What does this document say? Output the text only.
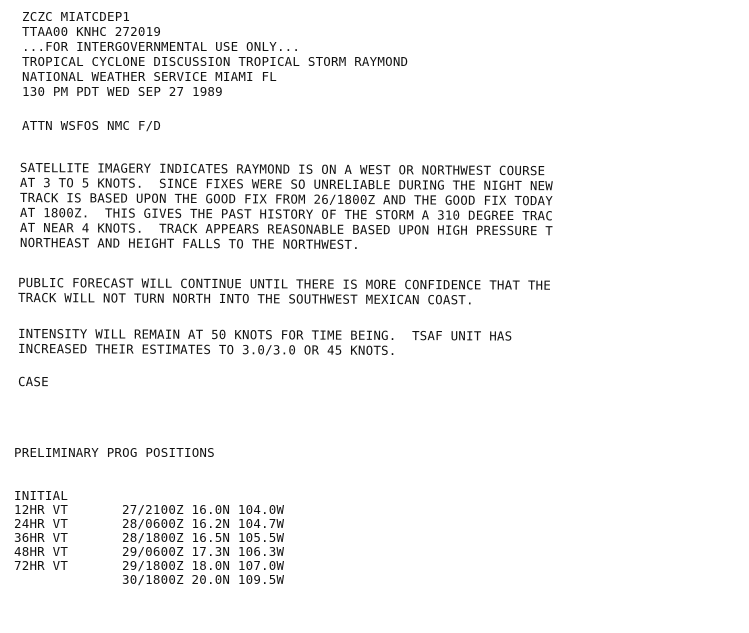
ZCZC MIATCDEP1
TTAA00 KNHC 272019
...FOR INTERGOVERNMENTAL USE ONLY...
TROPICAL CYCLONE DISCUSSION TROPICAL STORM RAYMOND
NATIONAL WEATHER SERVICE MIAMI FL
130 PM PDT WED SEP 27 1989
ATTN WSFOS NMC F/D
SATELLITE IMAGERY INDICATES RAYMOND IS ON A WEST OR NORTHWEST COURSE
AT 3 TO 5 KNOTS.  SINCE FIXES WERE SO UNRELIABLE DURING THE NIGHT NEW
TRACK IS BASED UPON THE GOOD FIX FROM 26/1800Z AND THE GOOD FIX TODAY
AT 1800Z.  THIS GIVES THE PAST HISTORY OF THE STORM A 310 DEGREE TRAC
AT NEAR 4 KNOTS.  TRACK APPEARS REASONABLE BASED UPON HIGH PRESSURE T
NORTHEAST AND HEIGHT FALLS TO THE NORTHWEST.
PUBLIC FORECAST WILL CONTINUE UNTIL THERE IS MORE CONFIDENCE THAT THE
TRACK WILL NOT TURN NORTH INTO THE SOUTHWEST MEXICAN COAST.
INTENSITY WILL REMAIN AT 50 KNOTS FOR TIME BEING.  TSAF UNIT HAS
INCREASED THEIR ESTIMATES TO 3.0/3.0 OR 45 KNOTS.
CASE
PRELIMINARY PROG POSITIONS

INITIAL

27/2100Z 16.0N 104.0W

12HR VT

28/0600Z 16.2N 104.7W

24HR VT

28/1800Z 16.5N 105.5W

36HR VT

29/0600Z 17.3N 106.3W

48HR VT

29/1800Z 18.0N 107.0W

72HR VT

30/1800Z 20.0N 109.5W
